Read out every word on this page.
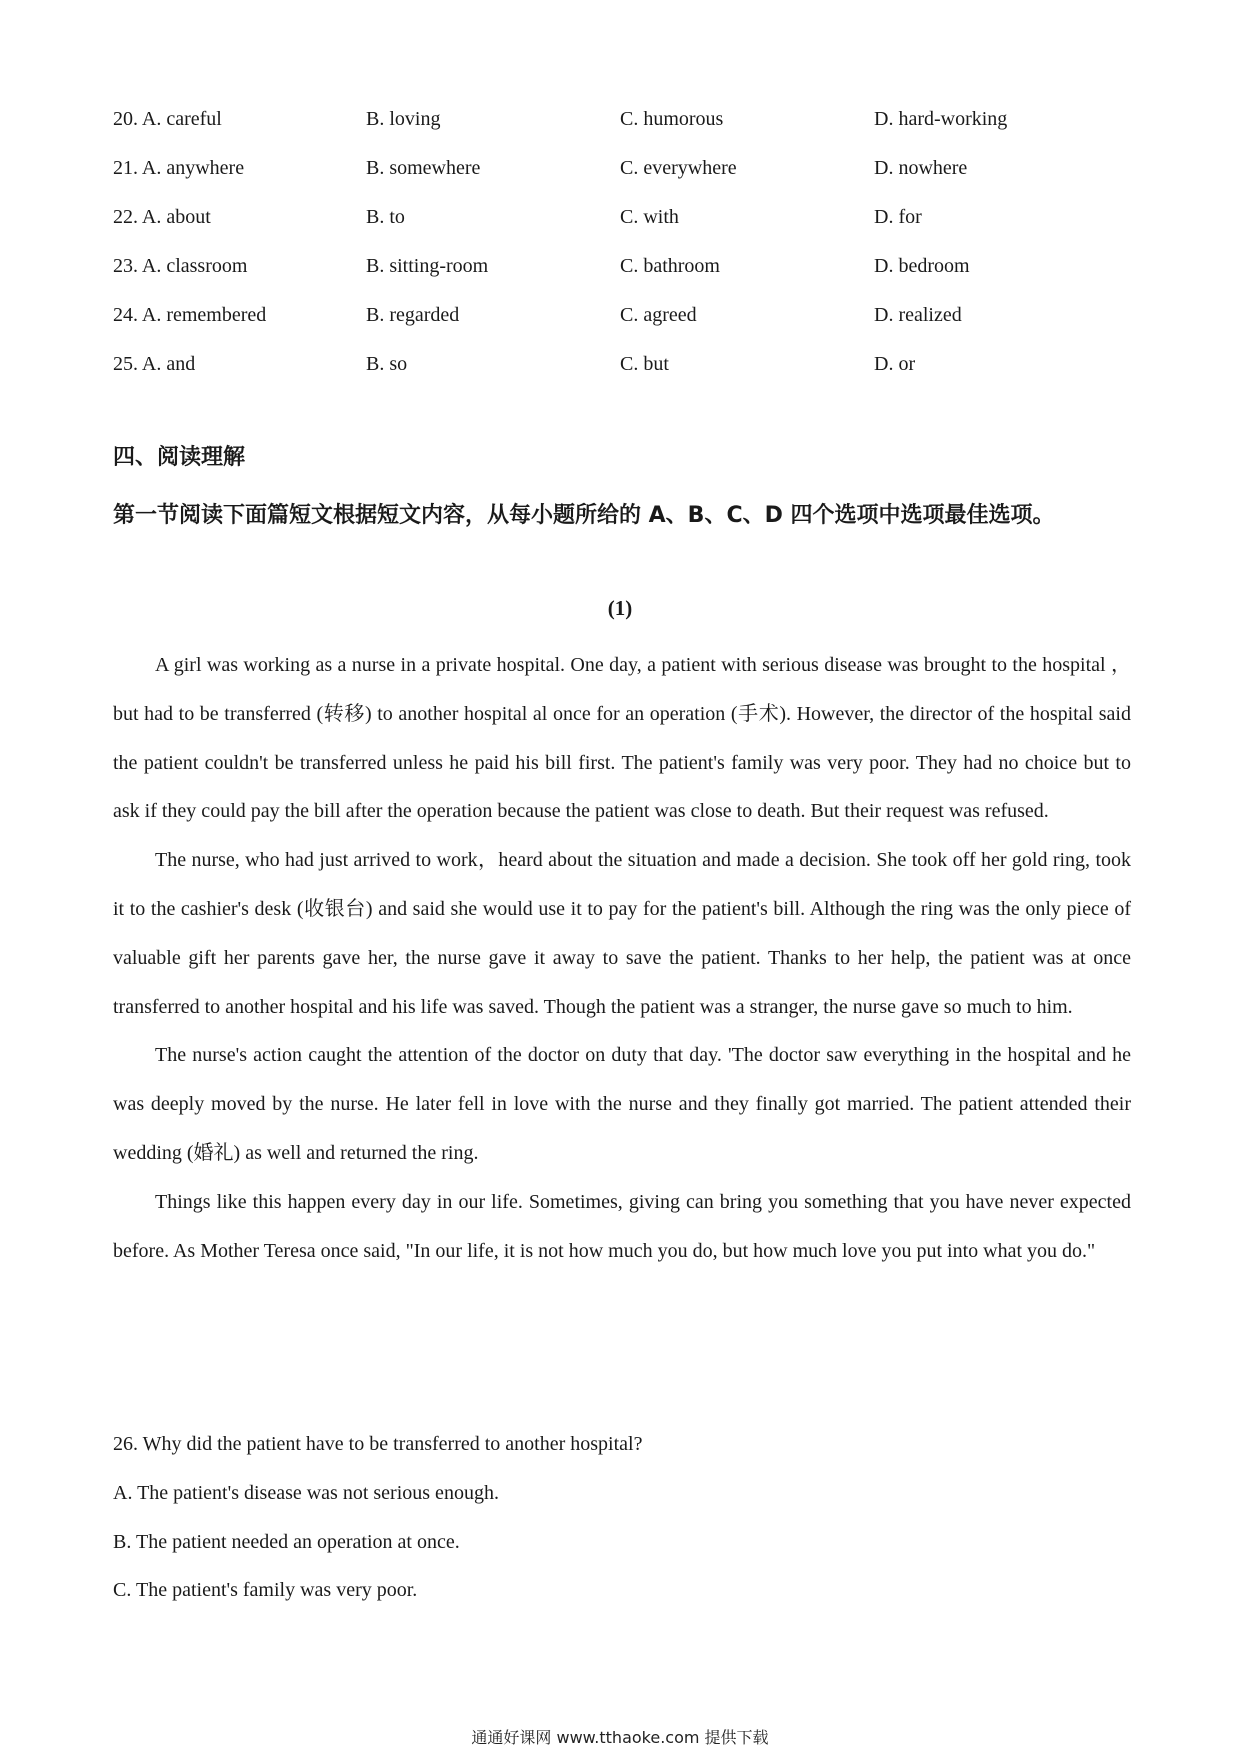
20. A. careful	B. loving	C. humorous	D. hard-working
21. A. anywhere	B. somewhere	C. everywhere	D. nowhere
22. A. about	B. to	C. with	D. for
23. A. classroom	B. sitting-room	C. bathroom	D. bedroom
24. A. remembered	B. regarded	C. agreed	D. realized
25. A. and	B. so	C. but	D. or
四、阅读理解

第一节阅读下面篇短文根据短文内容，从每小题所给的 A、B、C、D 四个选项中选项最佳选项。

(1)

A girl was working as a nurse in a private hospital. One day, a patient with serious disease was brought to the hospital ，but had to be transferred (转移) to another hospital al once for an operation (手术). However, the director of the hospital said the patient couldn't be transferred unless he paid his bill first. The patient's family was very poor. They had no choice but to ask if they could pay the bill after the operation because the patient was close to death. But their request was refused.

The nurse, who had just arrived to work，heard about the situation and made a decision. She took off her gold ring, took it to the cashier's desk (收银台) and said she would use it to pay for the patient's bill. Although the ring was the only piece of valuable gift her parents gave her, the nurse gave it away to save the patient. Thanks to her help, the patient was at once transferred to another hospital and his life was saved. Though the patient was a stranger, the nurse gave so much to him.

The nurse's action caught the attention of the doctor on duty that day. 'The doctor saw everything in the hospital and he was deeply moved by the nurse. He later fell in love with the nurse and they finally got married. The patient attended their wedding (婚礼) as well and returned the ring.

Things like this happen every day in our life. Sometimes, giving can bring you something that you have never expected before. As Mother Teresa once said, "In our life, it is not how much you do, but how much love you put into what you do."

26. Why did the patient have to be transferred to another hospital?
A. The patient's disease was not serious enough.
B. The patient needed an operation at once.
C. The patient's family was very poor.
通通好课网 www.tthaoke.com 提供下载
